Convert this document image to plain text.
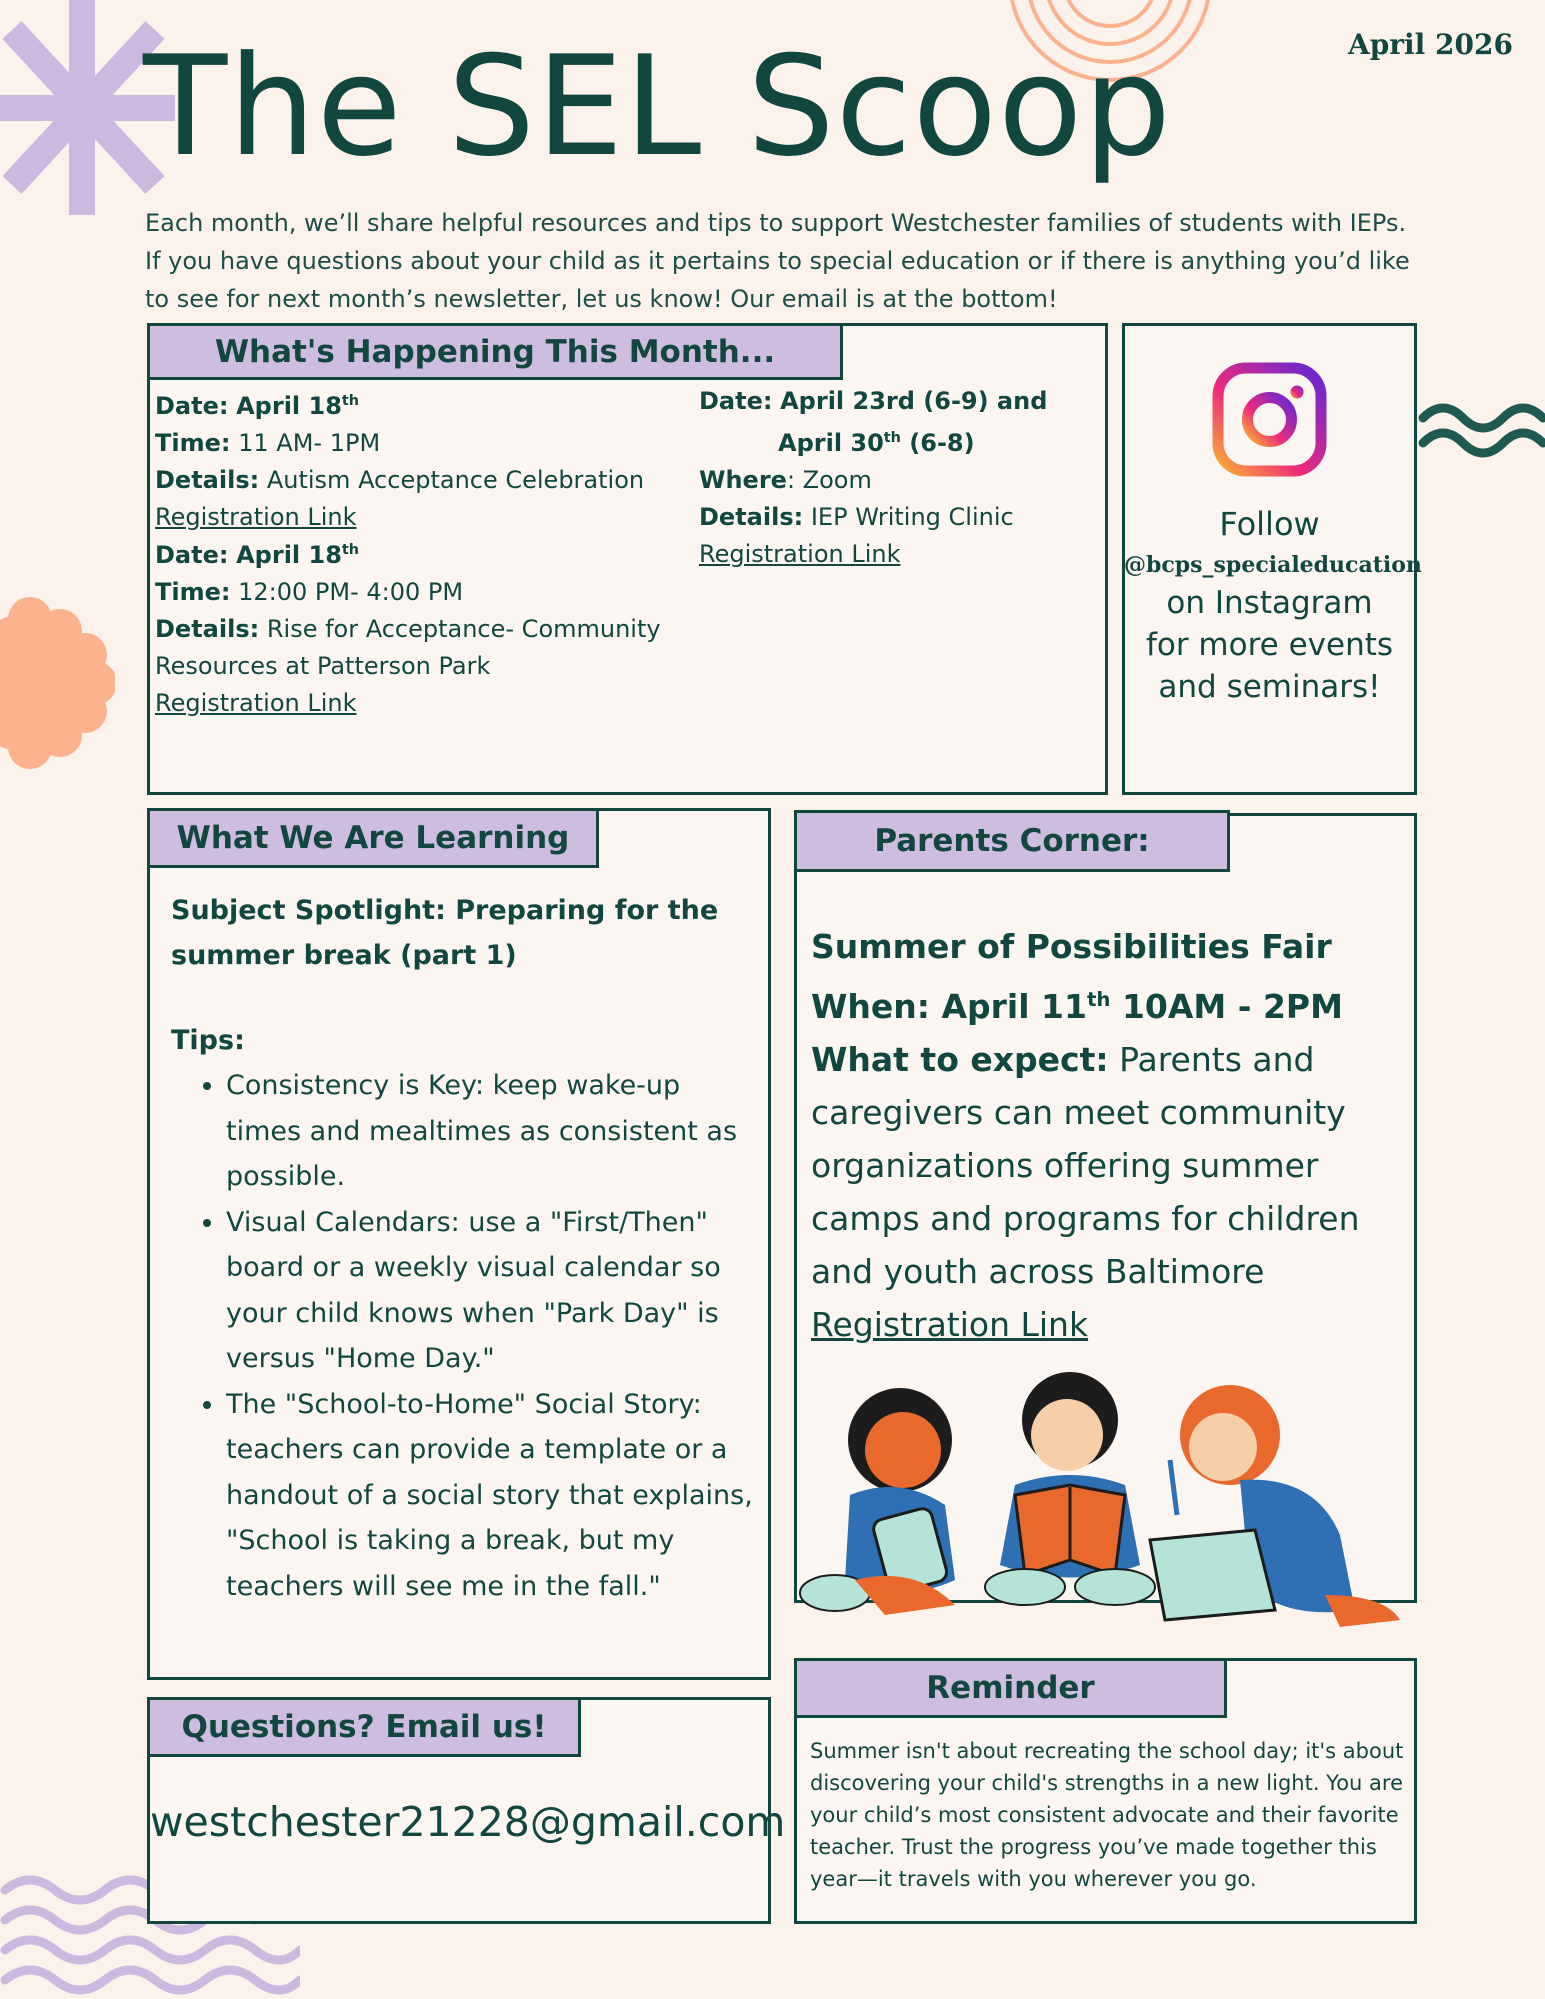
The SEL Scoop	April 2026
Each month, we’ll share helpful resources and tips to support Westchester families of students with IEPs. If you have questions about your child as it pertains to special education or if there is anything you’d like to see for next month’s newsletter, let us know! Our email is at the bottom!
What's Happening This Month...
Date: April 18th
Time: 11 AM- 1PM
Details: Autism Acceptance Celebration
Registration Link
Date: April 18th
Time: 12:00 PM- 4:00 PM
Details: Rise for Acceptance- Community Resources at Patterson Park
Registration Link
Date: April 23rd (6-9) and
April 30th (6-8)
Where: Zoom
Details: IEP Writing Clinic
Registration Link
Follow
@bcps_specialeducation
on Instagram
for more events
and seminars!
What We Are Learning
Subject Spotlight: Preparing for the
summer break (part 1)
Tips:
• Consistency is Key: keep wake-up times and mealtimes as consistent as possible.
• Visual Calendars: use a "First/Then" board or a weekly visual calendar so your child knows when "Park Day" is versus "Home Day."
• The "School-to-Home" Social Story: teachers can provide a template or a handout of a social story that explains, "School is taking a break, but my teachers will see me in the fall."
Parents Corner:
Summer of Possibilities Fair
When: April 11th 10AM - 2PM
What to expect: Parents and caregivers can meet community organizations offering summer camps and programs for children and youth across Baltimore
Registration Link
Questions? Email us!
westchester21228@gmail.com
Reminder
Summer isn't about recreating the school day; it's about discovering your child's strengths in a new light. You are your child’s most consistent advocate and their favorite teacher. Trust the progress you’ve made together this year—it travels with you wherever you go.
